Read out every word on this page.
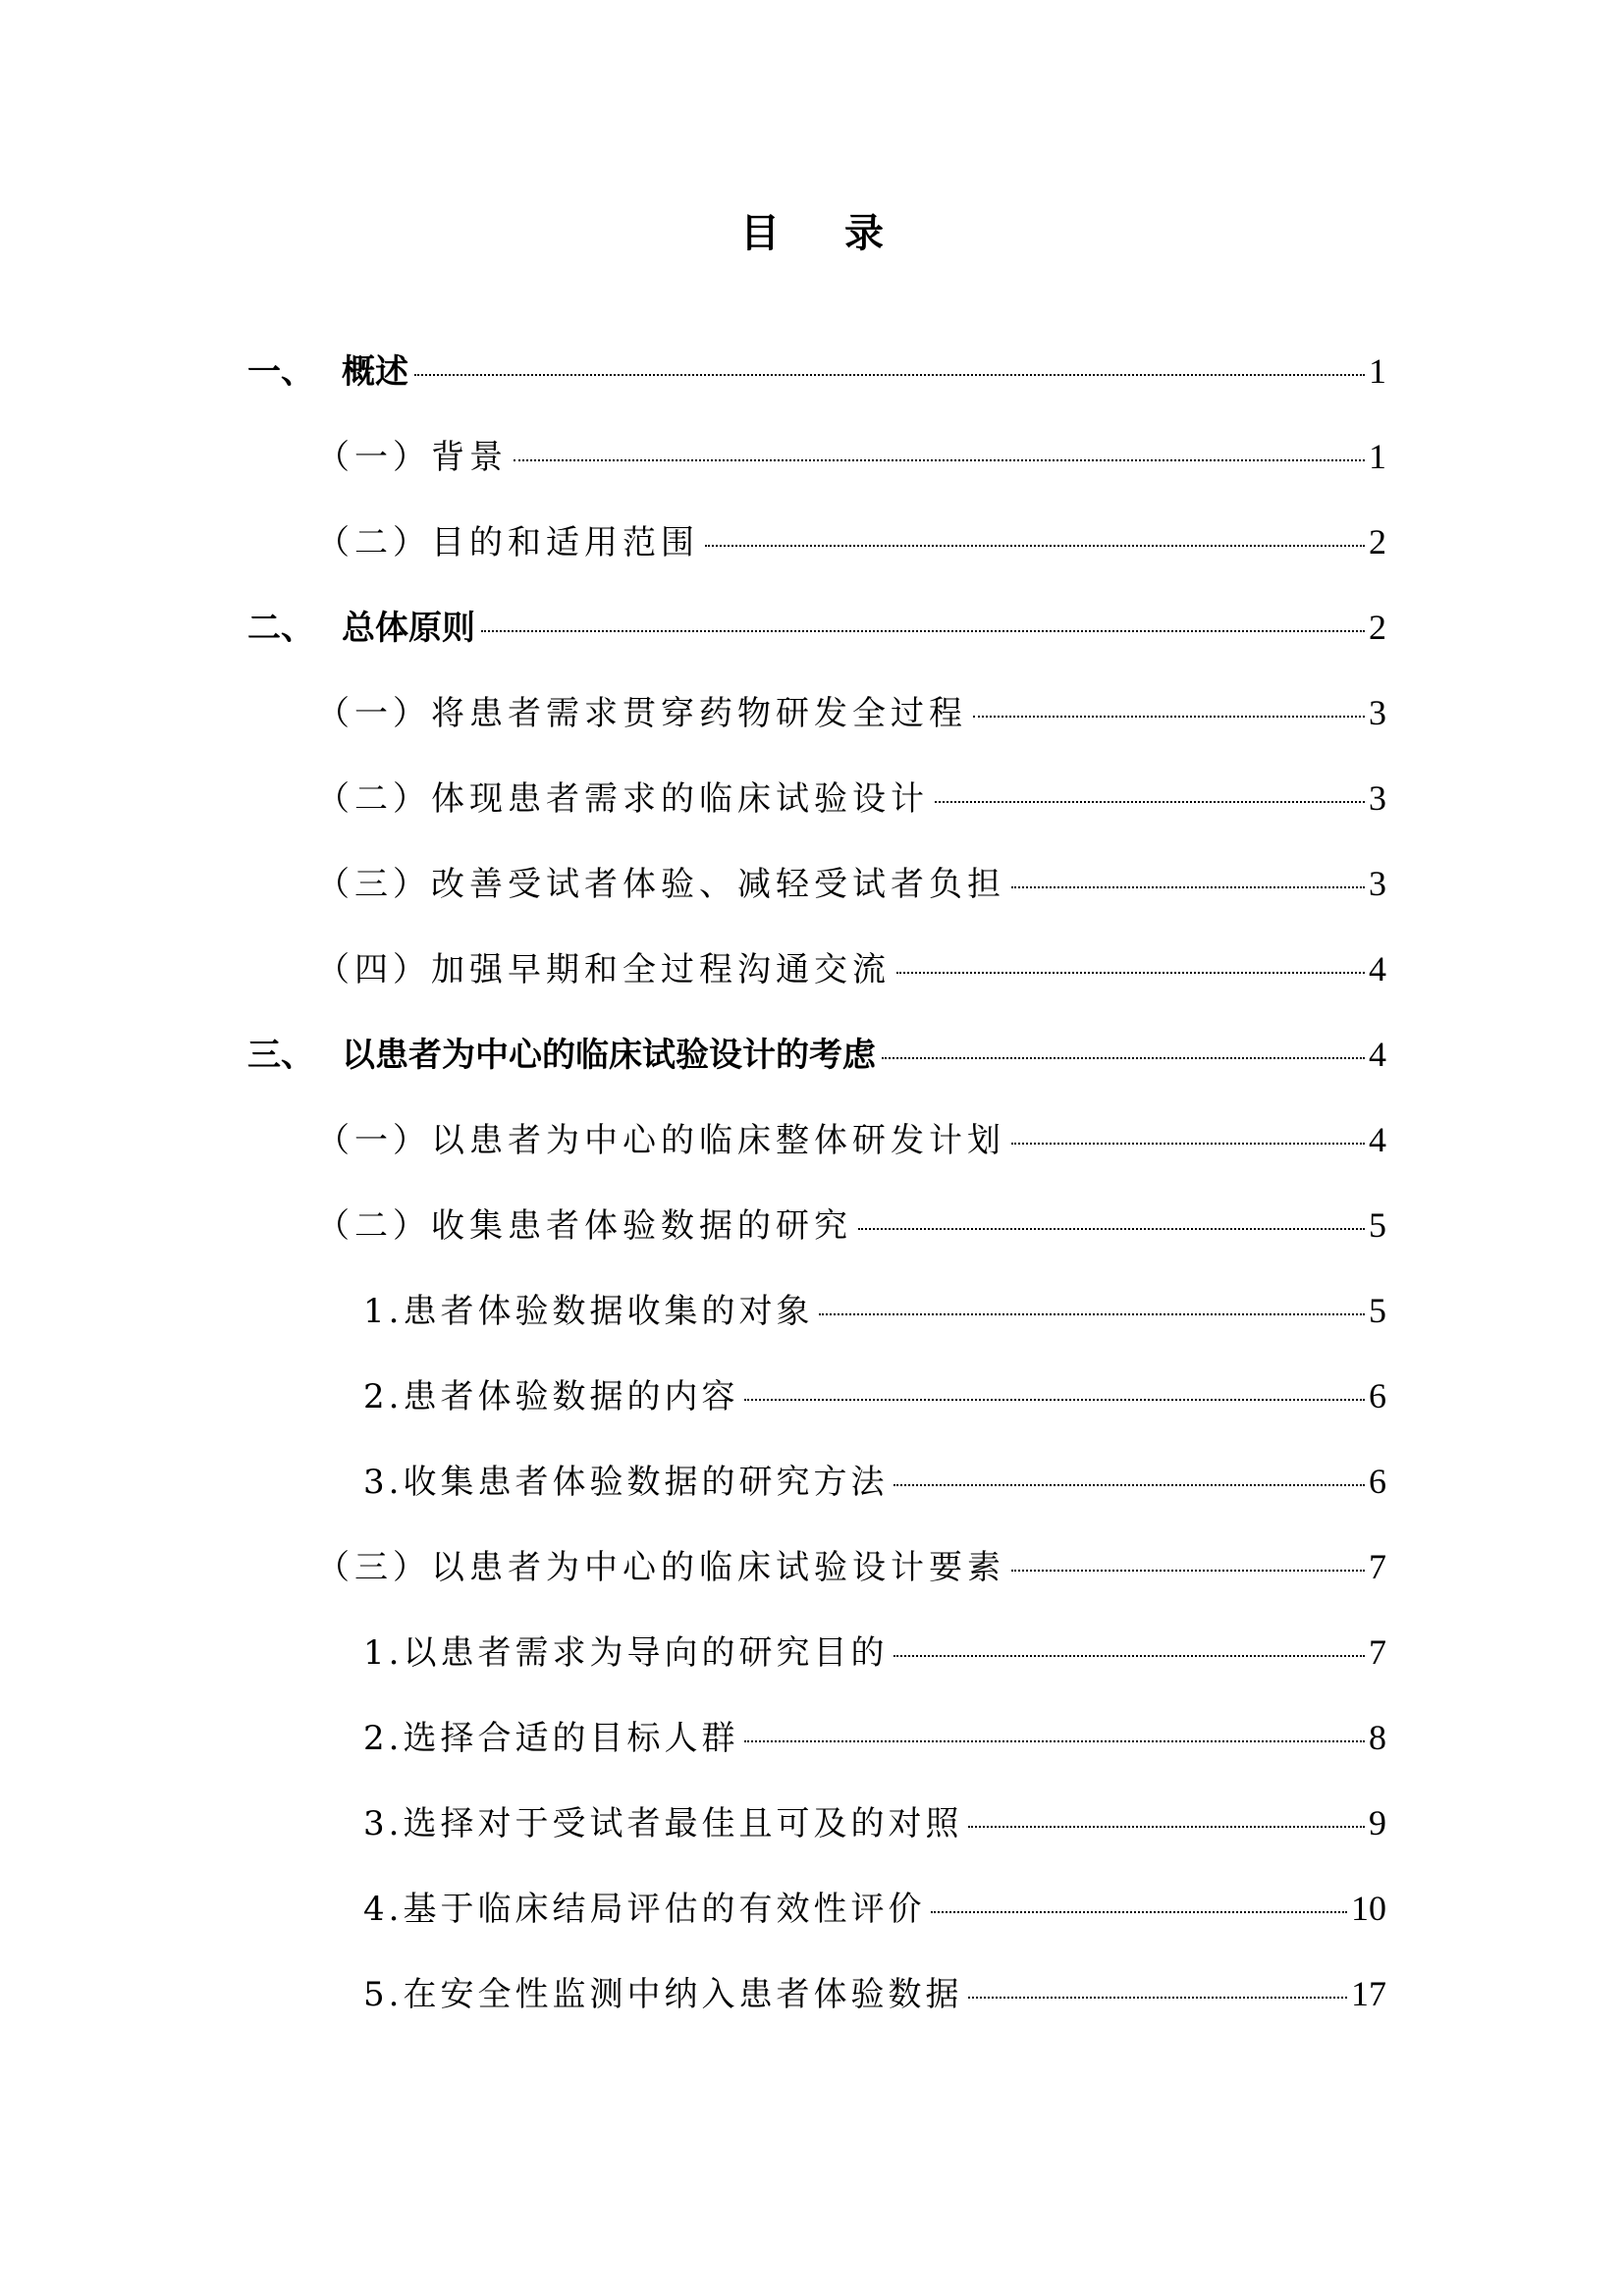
目 录
一、 概述	1
（一）背景	1
（二）目的和适用范围	2
二、 总体原则	2
（一）将患者需求贯穿药物研发全过程	3
（二）体现患者需求的临床试验设计	3
（三）改善受试者体验、减轻受试者负担	3
（四）加强早期和全过程沟通交流	4
三、 以患者为中心的临床试验设计的考虑	4
（一）以患者为中心的临床整体研发计划	4
（二）收集患者体验数据的研究	5
1.患者体验数据收集的对象	5
2.患者体验数据的内容	6
3.收集患者体验数据的研究方法	6
（三）以患者为中心的临床试验设计要素	7
1.以患者需求为导向的研究目的	7
2.选择合适的目标人群	8
3.选择对于受试者最佳且可及的对照	9
4.基于临床结局评估的有效性评价	10
5.在安全性监测中纳入患者体验数据	17
